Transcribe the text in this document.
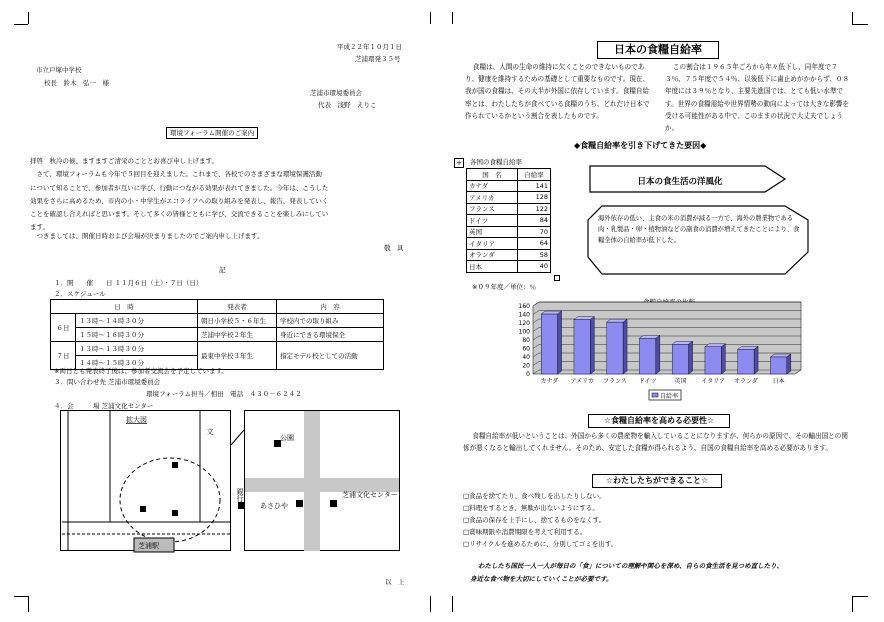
平成２２年１０月１日
芝浦環発３５号
市立戸塚中学校
校長　鈴木　弘一　様
芝浦市環境委員会
代表　浅野　えりこ
環境フォーラム開催のご案内
拝啓　秋冷の候、ますますご清栄のこととお喜び申し上げます。
　さて、環境フォーラムも今年で５回目を迎えました。これまで、各校でのさまざまな環境保護活動
について知ることで、参加者が互いに学び、行動につながる効果が表れてきました。今年は、こうした
効果をさらに高めるため、市内の小・中学生がエコライフへの取り組みを発表し、報告、発表していく
ことを確認し合えればと思います。そして多くの皆様とともに学び、交流できることを楽しみにしてい
ます。
　つきましては、開催日時および会場が決まりましたのでご案内申し上げます。
敬　具
記
１．開　　催　　日 １１月６日（土）・７日（日）
２．スケジュール
日　時		発表者	内　容
６日	１３時～１４時３０分	朝日小学校５・６年生	学校内での取り組み
	１５時～１６時３０分	芝浦中学校２年生	身近にできる環境保全
７日	１３時～１３時３０分	最東中学校３年生	指定モデル校としての活動
	１４時～１５時３０分		
※両日とも発表終了後は、参加者交流会を予定しています。
３．問い合わせ先 芝浦市環境委員会
環境フォーラム担当／相田　電話　４３０－６２４２
４．会　　　場 芝浦文化センター
芝浦駅
拡大図
文
公園
銀行
あさひや
芝浦文化センター
以　上
日本の食糧自給率
食糧は、人間の生命の維持に欠くことのできないものであり、健康を維持するための基礎として重要なものです。現在、我が国の食糧は、その大半が外国に依存しています。食糧自給率とは、わたしたちが食べている食糧のうち、どれだけ日本で作られているかという割合を表したものです。
この割合は１９６５年ごろから年々低下し、同年度で７３％、７５年度で５４％、以後低下に歯止めがかからず、０８年度には３９％となり、主要先進国では、とても低い水準です。世界の食糧需給や世界情勢の動向によっては大きな影響を受ける可能性がある中で、このままの状況で大丈夫でしょうか。
◆食糧自給率を引き下げてきた要因◆
+	各国の食糧自給率
国　名	自給率
カナダ	141
アメリカ	128
フランス	122
ドイツ	84
英国	70
イタリア	64
オランダ	58
日本	40
※０９年度／単位：％
日本の食生活の洋風化
海外依存の低い、主食の米の消費が減る一方で、海外の農業物である肉・乳製品・卵・植物油などの副食の消費が増えてきたことにより、食糧全体の自給率が低下した。
0
20
40
60
80
100
120
140
160
カナダ アメリカ フランス ドイツ	英国 イタリア オランダ 日本
自給率
☆食糧自給率を高める必要性☆
食糧自給率が低いということは、外国から多くの農産物を輸入していることになりますが、何らかの原因で、その輸出国との関係が悪くなると輸出してくれません。そのため、安定した食糧が得られるよう、自国の食糧自給率を高める必要があります。
☆わたしたちができること☆
□食品を捨てたり、食べ残しを出したりしない。
□料理をするとき、無駄が出ないようにする。
□食品の保存を上手にし、捨てるものをなくす。
□賞味期限や消費期限を考えて利用する。
□リサイクルを進めるために、分別してゴミを出す。
わたしたち国民一人一人が毎日の「食」についての理解や関心を深め、自らの食生活を見つめ直したり、
身近な食べ物を大切にしていくことが必要です。
